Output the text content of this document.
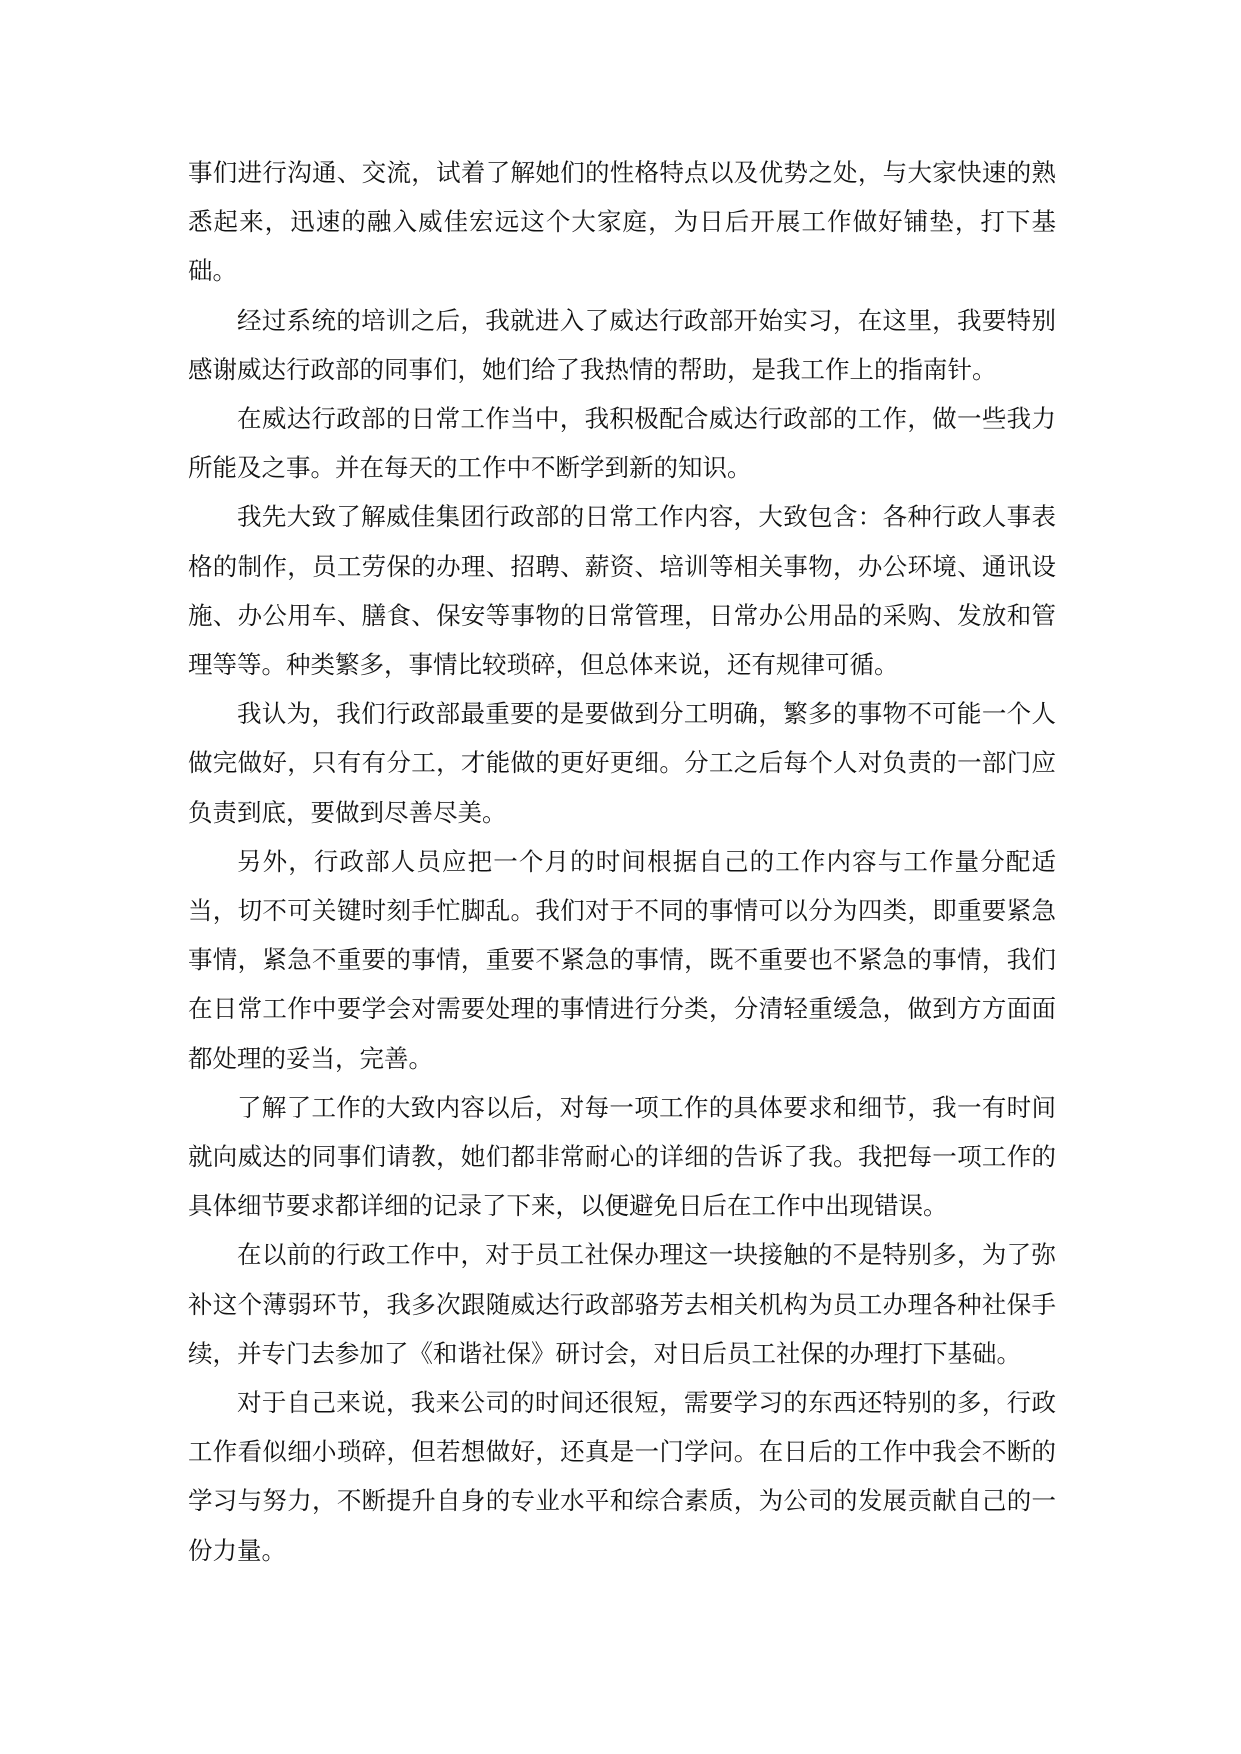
事们进行沟通、交流，试着了解她们的性格特点以及优势之处，与大家快速的熟悉起来，迅速的融入威佳宏远这个大家庭，为日后开展工作做好铺垫，打下基础。

经过系统的培训之后，我就进入了威达行政部开始实习，在这里，我要特别感谢威达行政部的同事们，她们给了我热情的帮助，是我工作上的指南针。

在威达行政部的日常工作当中，我积极配合威达行政部的工作，做一些我力所能及之事。并在每天的工作中不断学到新的知识。

我先大致了解威佳集团行政部的日常工作内容，大致包含：各种行政人事表格的制作，员工劳保的办理、招聘、薪资、培训等相关事物，办公环境、通讯设施、办公用车、膳食、保安等事物的日常管理，日常办公用品的采购、发放和管理等等。种类繁多，事情比较琐碎，但总体来说，还有规律可循。

我认为，我们行政部最重要的是要做到分工明确，繁多的事物不可能一个人做完做好，只有有分工，才能做的更好更细。分工之后每个人对负责的一部门应负责到底，要做到尽善尽美。

另外，行政部人员应把一个月的时间根据自己的工作内容与工作量分配适当，切不可关键时刻手忙脚乱。我们对于不同的事情可以分为四类，即重要紧急事情，紧急不重要的事情，重要不紧急的事情，既不重要也不紧急的事情，我们在日常工作中要学会对需要处理的事情进行分类，分清轻重缓急，做到方方面面都处理的妥当，完善。

了解了工作的大致内容以后，对每一项工作的具体要求和细节，我一有时间就向威达的同事们请教，她们都非常耐心的详细的告诉了我。我把每一项工作的具体细节要求都详细的记录了下来，以便避免日后在工作中出现错误。

在以前的行政工作中，对于员工社保办理这一块接触的不是特别多，为了弥补这个薄弱环节，我多次跟随威达行政部骆芳去相关机构为员工办理各种社保手续，并专门去参加了《和谐社保》研讨会，对日后员工社保的办理打下基础。

对于自己来说，我来公司的时间还很短，需要学习的东西还特别的多，行政工作看似细小琐碎，但若想做好，还真是一门学问。在日后的工作中我会不断的学习与努力，不断提升自身的专业水平和综合素质，为公司的发展贡献自己的一份力量。
